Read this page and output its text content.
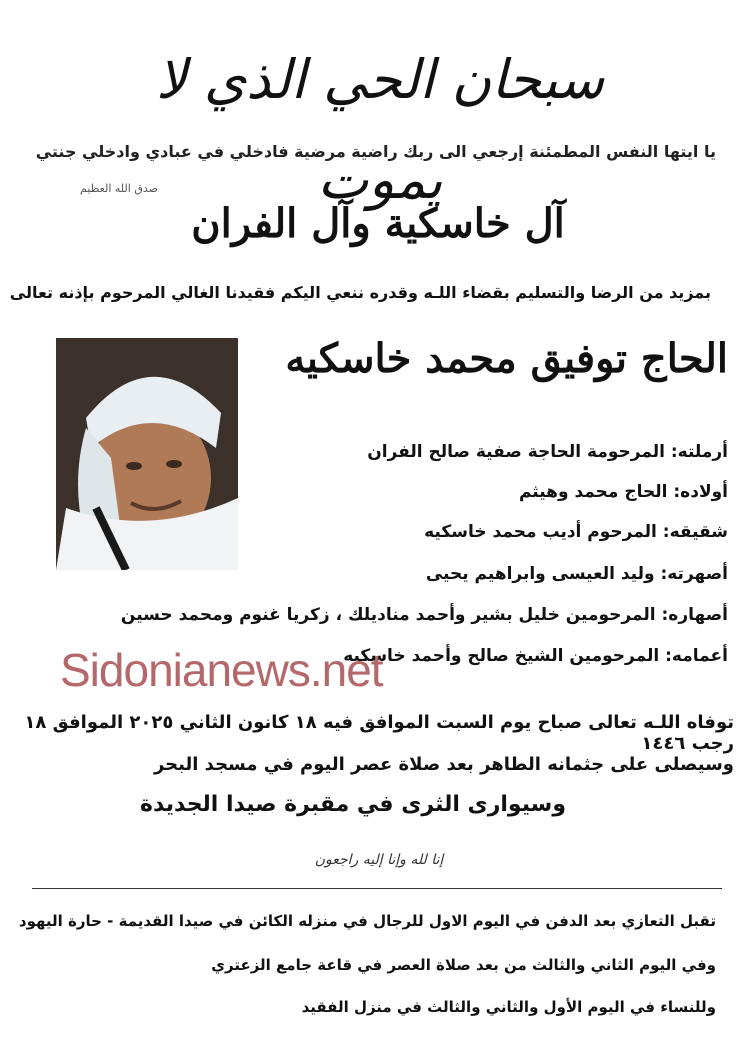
سبحان الحي الذي لا يموت
يا ايتها النفس المطمئنة إرجعي الى ربك راضية مرضية فادخلي في عبادي وادخلي جنتي
صدق الله العظيم
آل خاسكية وآل الفران
بمزيد من الرضا والتسليم بقضاء اللـه وقدره ننعي اليكم فقيدنا الغالي المرحوم بإذنه تعالى
الحاج توفيق محمد خاسكيه
أرملته: المرحومة الحاجة صفية صالح الفران
أولاده: الحاج محمد وهيثم
شقيقه: المرحوم أديب محمد خاسكيه
أصهرته: وليد العيسى وابراهيم يحيى
أصهاره: المرحومين خليل بشير وأحمد مناديلك ، زكريا غنوم ومحمد حسين
أعمامه: المرحومين الشيخ صالح وأحمد خاسكيه
Sidonianews.net
توفاه اللـه تعالى صباح يوم السبت الموافق فيه ١٨ كانون الثاني ٢٠٢٥ الموافق ١٨ رجب ١٤٤٦
وسيصلى على جثمانه الطاهر بعد صلاة عصر اليوم في مسجد البحر
وسيوارى الثرى في مقبرة صيدا الجديدة
إنا لله وإنا إليه راجعون
تقبل التعازي بعد الدفن في اليوم الاول للرجال في منزله الكائن في صيدا القديمة - حارة اليهود
وفي اليوم الثاني والثالث من بعد صلاة العصر في قاعة جامع الزعتري
وللنساء في اليوم الأول والثاني والثالث في منزل الفقيد
